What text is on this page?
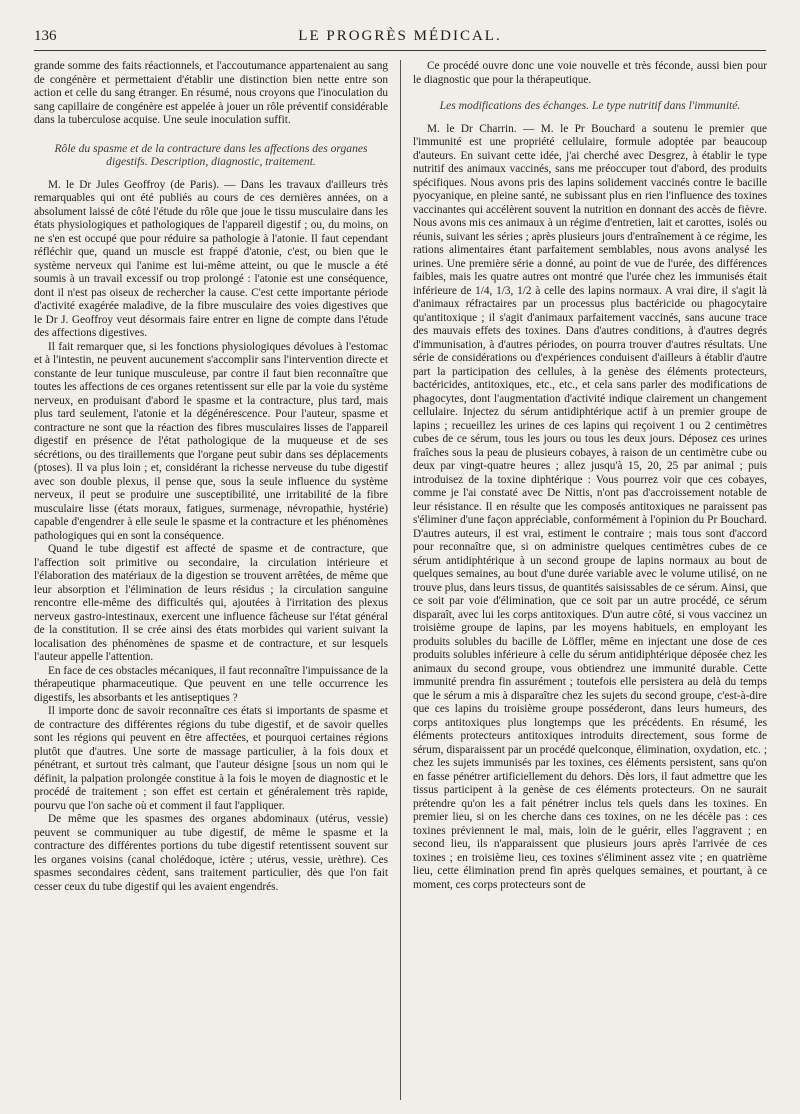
136	LE PROGRÈS MÉDICAL.

grande somme des faits réactionnels, et l'accoutumance appartenaient au sang de congénère et permettaient d'établir une distinction bien nette entre son action et celle du sang étranger. En résumé, nous croyons que l'inoculation du sang capillaire de congénère est appelée à jouer un rôle préventif considérable dans la tuberculose acquise. Une seule inoculation suffit.

Rôle du spasme et de la contracture dans les affections des organes digestifs. Description, diagnostic, traitement.

M. le Dr Jules Geoffroy (de Paris). — Dans les travaux d'ailleurs très remarquables qui ont été publiés au cours de ces dernières années, on a absolument laissé de côté l'étude du rôle que joue le tissu musculaire dans les états physiologiques et pathologiques de l'appareil digestif ; ou, du moins, on ne s'en est occupé que pour réduire sa pathologie à l'atonie. Il faut cependant réfléchir que, quand un muscle est frappé d'atonie, c'est, ou bien que le système nerveux qui l'anime est lui-même atteint, ou que le muscle a été soumis à un travail excessif ou trop prolongé : l'atonie est une conséquence, dont il n'est pas oiseux de rechercher la cause. C'est cette importante période d'activité exagérée maladive, de la fibre musculaire des voies digestives que le Dr J. Geoffroy veut désormais faire entrer en ligne de compte dans l'étude des affections digestives.

Il fait remarquer que, si les fonctions physiologiques dévolues à l'estomac et à l'intestin, ne peuvent aucunement s'accomplir sans l'intervention directe et constante de leur tunique musculeuse, par contre il faut bien reconnaître que toutes les affections de ces organes retentissent sur elle par la voie du système nerveux, en produisant d'abord le spasme et la contracture, plus tard, mais plus tard seulement, l'atonie et la dégénérescence. Pour l'auteur, spasme et contracture ne sont que la réaction des fibres musculaires lisses de l'appareil digestif en présence de l'état pathologique de la muqueuse et de ses sécrétions, ou des tiraillements que l'organe peut subir dans ses déplacements (ptoses). Il va plus loin ; et, considérant la richesse nerveuse du tube digestif avec son double plexus, il pense que, sous la seule influence du système nerveux, il peut se produire une susceptibilité, une irritabilité de la fibre musculaire lisse (états moraux, fatigues, surmenage, névropathie, hystérie) capable d'engendrer à elle seule le spasme et la contracture et les phénomènes pathologiques qui en sont la conséquence.

Quand le tube digestif est affecté de spasme et de contracture, que l'affection soit primitive ou secondaire, la circulation intérieure et l'élaboration des matériaux de la digestion se trouvent arrêtées, de même que leur absorption et l'élimination de leurs résidus ; la circulation sanguine rencontre elle-même des difficultés qui, ajoutées à l'irritation des plexus nerveux gastro-intestinaux, exercent une influence fâcheuse sur l'état général de la constitution. Il se crée ainsi des états morbides qui varient suivant la localisation des phénomènes de spasme et de contracture, et sur lesquels l'auteur appelle l'attention.

En face de ces obstacles mécaniques, il faut reconnaître l'impuissance de la thérapeutique pharmaceutique. Que peuvent en une telle occurrence les digestifs, les absorbants et les antiseptiques ?

Il importe donc de savoir reconnaître ces états si importants de spasme et de contracture des différentes régions du tube digestif, et de savoir quelles sont les régions qui peuvent en être affectées, et pourquoi certaines régions plutôt que d'autres. Une sorte de massage particulier, à la fois doux et pénétrant, et surtout très calmant, que l'auteur désigne [sous un nom qui le définit, la palpation prolongée constitue à la fois le moyen de diagnostic et le procédé de traitement ; son effet est certain et généralement très rapide, pourvu que l'on sache où et comment il faut l'appliquer.

De même que les spasmes des organes abdominaux (utérus, vessie) peuvent se communiquer au tube digestif, de même le spasme et la contracture des différentes portions du tube digestif retentissent souvent sur les organes voisins (canal cholédoque, ictère ; utérus, vessie, urèthre). Ces spasmes secondaires cèdent, sans traitement particulier, dès que l'on fait cesser ceux du tube digestif qui les avaient engendrés.

Ce procédé ouvre donc une voie nouvelle et très féconde, aussi bien pour le diagnostic que pour la thérapeutique.

Les modifications des échanges. Le type nutritif dans l'immunité.

M. le Dr Charrin. — M. le Pr Bouchard a soutenu le premier que l'immunité est une propriété cellulaire, formule adoptée par beaucoup d'auteurs. En suivant cette idée, j'ai cherché avec Desgrez, à établir le type nutritif des animaux vaccinés, sans me préoccuper tout d'abord, des produits spécifiques. Nous avons pris des lapins solidement vaccinés contre le bacille pyocyanique, en pleine santé, ne subissant plus en rien l'influence des toxines vaccinantes qui accélèrent souvent la nutrition en donnant des accès de fièvre. Nous avons mis ces animaux à un régime d'entretien, lait et carottes, isolés ou réunis, suivant les séries ; après plusieurs jours d'entraînement à ce régime, les rations alimentaires étant parfaitement semblables, nous avons analysé les urines. Une première série a donné, au point de vue de l'urée, des différences faibles, mais les quatre autres ont montré que l'urée chez les immunisés était inférieure de 1/4, 1/3, 1/2 à celle des lapins normaux. A vrai dire, il s'agit là d'animaux réfractaires par un processus plus bactéricide ou phagocytaire qu'antitoxique ; il s'agit d'animaux parfaitement vaccinés, sans aucune trace des mauvais effets des toxines. Dans d'autres conditions, à d'autres degrés d'immunisation, à d'autres périodes, on pourra trouver d'autres résultats. Une série de considérations ou d'expériences conduisent d'ailleurs à établir d'autre part la participation des cellules, à la genèse des éléments protecteurs, bactéricides, antitoxiques, etc., etc., et cela sans parler des modifications de phagocytes, dont l'augmentation d'activité indique clairement un changement cellulaire. Injectez du sérum antidiphtérique actif à un premier groupe de lapins ; recueillez les urines de ces lapins qui reçoivent 1 ou 2 centimètres cubes de ce sérum, tous les jours ou tous les deux jours. Déposez ces urines fraîches sous la peau de plusieurs cobayes, à raison de un centimètre cube ou deux par vingt-quatre heures ; allez jusqu'à 15, 20, 25 par animal ; puis introduisez de la toxine diphtérique : Vous pourrez voir que ces cobayes, comme je l'ai constaté avec De Nittis, n'ont pas d'accroissement notable de leur résistance. Il en résulte que les composés antitoxiques ne paraissent pas s'éliminer d'une façon appréciable, conformément à l'opinion du Pr Bouchard. D'autres auteurs, il est vrai, estiment le contraire ; mais tous sont d'accord pour reconnaître que, si on administre quelques centimètres cubes de ce sérum antidiphtérique à un second groupe de lapins normaux au bout de quelques semaines, au bout d'une durée variable avec le volume utilisé, on ne trouve plus, dans leurs tissus, de quantités saisissables de ce sérum. Ainsi, que ce soit par voie d'élimination, que ce soit par un autre procédé, ce sérum disparaît, avec lui les corps antitoxiques. D'un autre côté, si vous vaccinez un troisième groupe de lapins, par les moyens habituels, en employant les produits solubles du bacille de Löffler, même en injectant une dose de ces produits solubles inférieure à celle du sérum antidiphtérique déposée chez les animaux du second groupe, vous obtiendrez une immunité durable. Cette immunité prendra fin assurément ; toutefois elle persistera au delà du temps que le sérum a mis à disparaître chez les sujets du second groupe, c'est-à-dire que ces lapins du troisième groupe posséderont, dans leurs humeurs, des corps antitoxiques plus longtemps que les précédents. En résumé, les éléments protecteurs antitoxiques introduits directement, sous forme de sérum, disparaissent par un procédé quelconque, élimination, oxydation, etc. ; chez les sujets immunisés par les toxines, ces éléments persistent, sans qu'on en fasse pénétrer artificiellement du dehors. Dès lors, il faut admettre que les tissus participent à la genèse de ces éléments protecteurs. On ne saurait prétendre qu'on les a fait pénétrer inclus tels quels dans les toxines. En premier lieu, si on les cherche dans ces toxines, on ne les décèle pas : ces toxines préviennent le mal, mais, loin de le guérir, elles l'aggravent ; en second lieu, ils n'apparaissent que plusieurs jours après l'arrivée de ces toxines ; en troisième lieu, ces toxines s'éliminent assez vite ; en quatrième lieu, cette élimination prend fin après quelques semaines, et pourtant, à ce moment, ces corps protecteurs sont de
